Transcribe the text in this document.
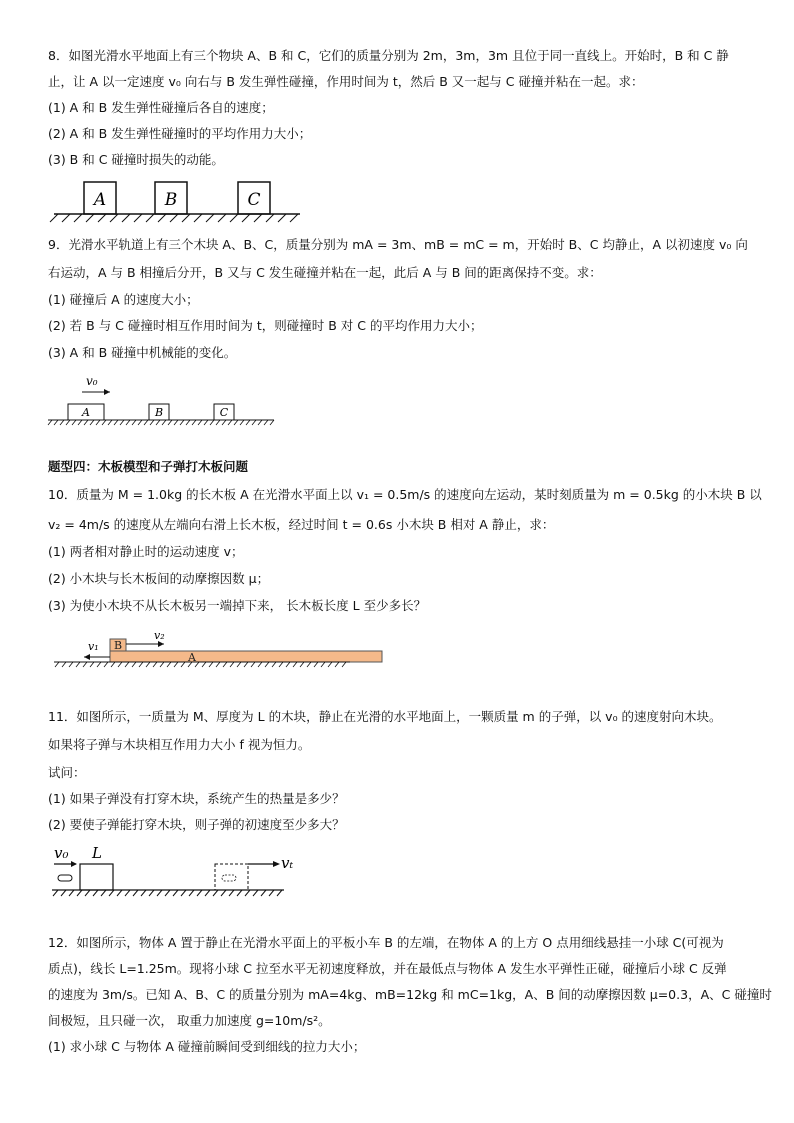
8．如图光滑水平地面上有三个物块 A、B 和 C，它们的质量分别为 2m，3m，3m 且位于同一直线上。开始时，B 和 C 静
止，让 A 以一定速度 v₀ 向右与 B 发生弹性碰撞，作用时间为 t，然后 B 又一起与 C 碰撞并粘在一起。求：
(1) A 和 B 发生弹性碰撞后各自的速度；
(2) A 和 B 发生弹性碰撞时的平均作用力大小；
(3) B 和 C 碰撞时损失的动能。
A	B	C
9．光滑水平轨道上有三个木块 A、B、C，质量分别为 mA = 3m、mB = mC = m，开始时 B、C 均静止，A 以初速度 v₀ 向
右运动，A 与 B 相撞后分开，B 又与 C 发生碰撞并粘在一起，此后 A 与 B 间的距离保持不变。求：
(1) 碰撞后 A 的速度大小；
(2) 若 B 与 C 碰撞时相互作用时间为 t，则碰撞时 B 对 C 的平均作用力大小；
(3) A 和 B 碰撞中机械能的变化。
v₀
A	B	C
题型四：木板模型和子弹打木板问题
10．质量为 M = 1.0kg 的长木板 A 在光滑水平面上以 v₁ = 0.5m/s 的速度向左运动，某时刻质量为 m = 0.5kg 的小木块 B 以
v₂ = 4m/s 的速度从左端向右滑上长木板，经过时间 t = 0.6s 小木块 B 相对 A 静止，求：
(1) 两者相对静止时的运动速度 v；
(2) 小木块与长木板间的动摩擦因数 μ；
(3) 为使小木块不从长木板另一端掉下来， 长木板长度 L 至少多长？
A
B
v₂
v₁
11．如图所示，一质量为 M、厚度为 L 的木块，静止在光滑的水平地面上，一颗质量 m 的子弹，以 v₀ 的速度射向木块。
如果将子弹与木块相互作用力大小 f 视为恒力。
试问：
(1) 如果子弹没有打穿木块，系统产生的热量是多少？
(2) 要使子弹能打穿木块，则子弹的初速度至少多大？
v₀ L
vₜ
12．如图所示，物体 A 置于静止在光滑水平面上的平板小车 B 的左端，在物体 A 的上方 O 点用细线悬挂一小球 C(可视为
质点)，线长 L=1.25m。现将小球 C 拉至水平无初速度释放，并在最低点与物体 A 发生水平弹性正碰，碰撞后小球 C 反弹
的速度为 3m/s。已知 A、B、C 的质量分别为 mA=4kg、mB=12kg 和 mC=1kg，A、B 间的动摩擦因数 μ=0.3，A、C 碰撞时
间极短，且只碰一次， 取重力加速度 g=10m/s²。
(1) 求小球 C 与物体 A 碰撞前瞬间受到细线的拉力大小；
